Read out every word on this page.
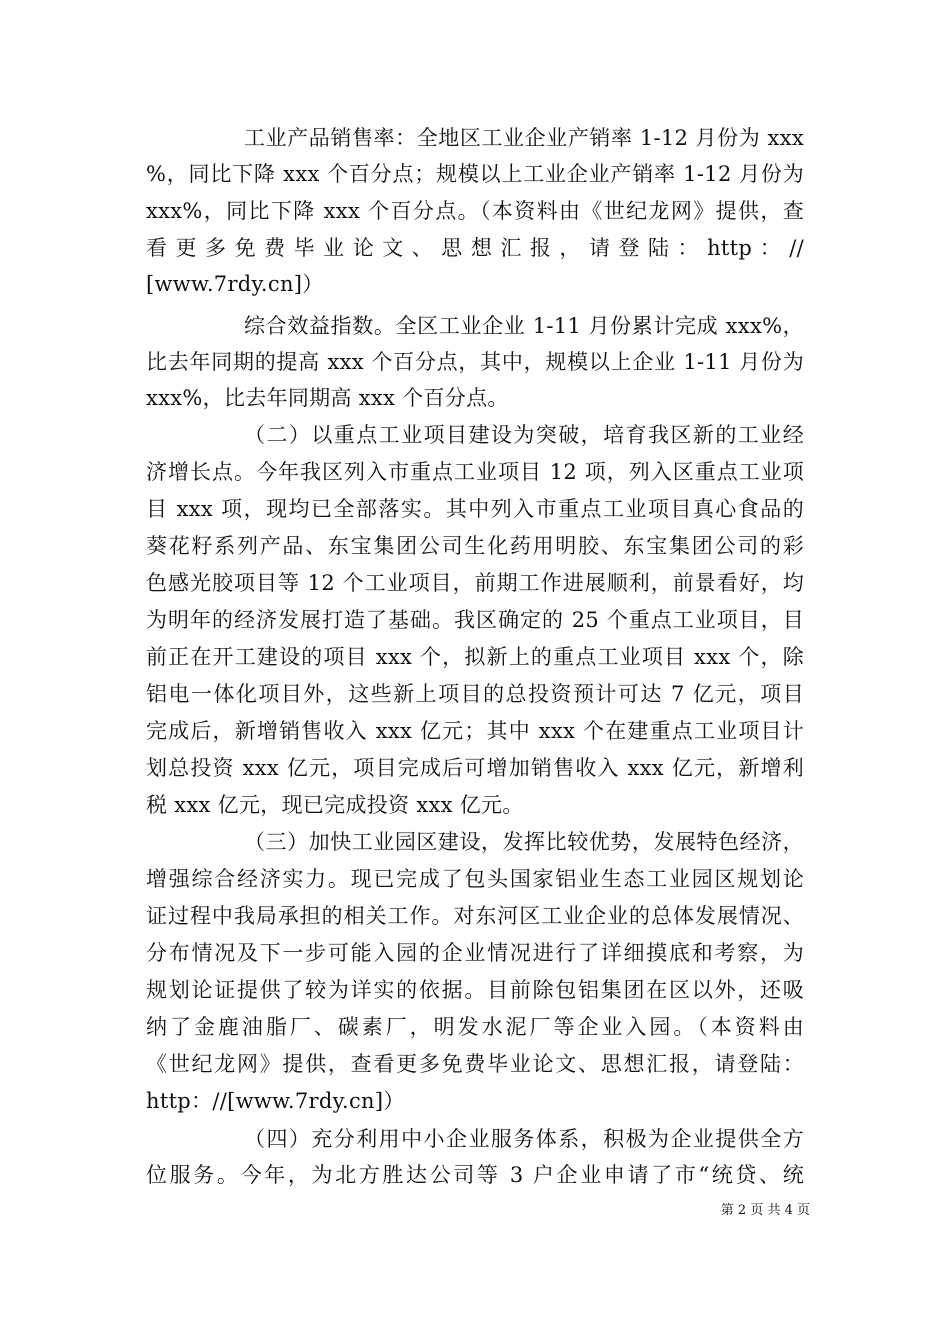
工业产品销售率：全地区工业企业产销率 1-12 月份为 xxx
%，同比下降 xxx 个百分点；规模以上工业企业产销率 1-12 月份为
xxx%，同比下降 xxx 个百分点。（本资料由《世纪龙网》提供，查
看 更 多 免 费 毕 业 论 文 、 思 想 汇 报 ， 请 登 陆 ： http ： //
[www.7rdy.cn]）
综合效益指数。全区工业企业 1-11 月份累计完成 xxx%，
比去年同期的提高 xxx 个百分点，其中，规模以上企业 1-11 月份为
xxx%，比去年同期高 xxx 个百分点。
（二）以重点工业项目建设为突破，培育我区新的工业经
济增长点。今年我区列入市重点工业项目 12 项，列入区重点工业项
目 xxx 项，现均已全部落实。其中列入市重点工业项目真心食品的
葵花籽系列产品、东宝集团公司生化药用明胶、东宝集团公司的彩
色感光胶项目等 12 个工业项目，前期工作进展顺利，前景看好，均
为明年的经济发展打造了基础。我区确定的 25 个重点工业项目，目
前正在开工建设的项目 xxx 个，拟新上的重点工业项目 xxx 个，除
铝电一体化项目外，这些新上项目的总投资预计可达 7 亿元，项目
完成后，新增销售收入 xxx 亿元；其中 xxx 个在建重点工业项目计
划总投资 xxx 亿元，项目完成后可增加销售收入 xxx 亿元，新增利
税 xxx 亿元，现已完成投资 xxx 亿元。
（三）加快工业园区建设，发挥比较优势，发展特色经济，
增强综合经济实力。现已完成了包头国家铝业生态工业园区规划论
证过程中我局承担的相关工作。对东河区工业企业的总体发展情况、
分布情况及下一步可能入园的企业情况进行了详细摸底和考察，为
规划论证提供了较为详实的依据。目前除包铝集团在区以外，还吸
纳了金鹿油脂厂、碳素厂，明发水泥厂等企业入园。（本资料由
《世纪龙网》提供，查看更多免费毕业论文、思想汇报，请登陆：
http：//[www.7rdy.cn]）
（四）充分利用中小企业服务体系，积极为企业提供全方
位服务。今年，为北方胜达公司等 3 户企业申请了市“统贷、统
第 2 页 共 4 页
